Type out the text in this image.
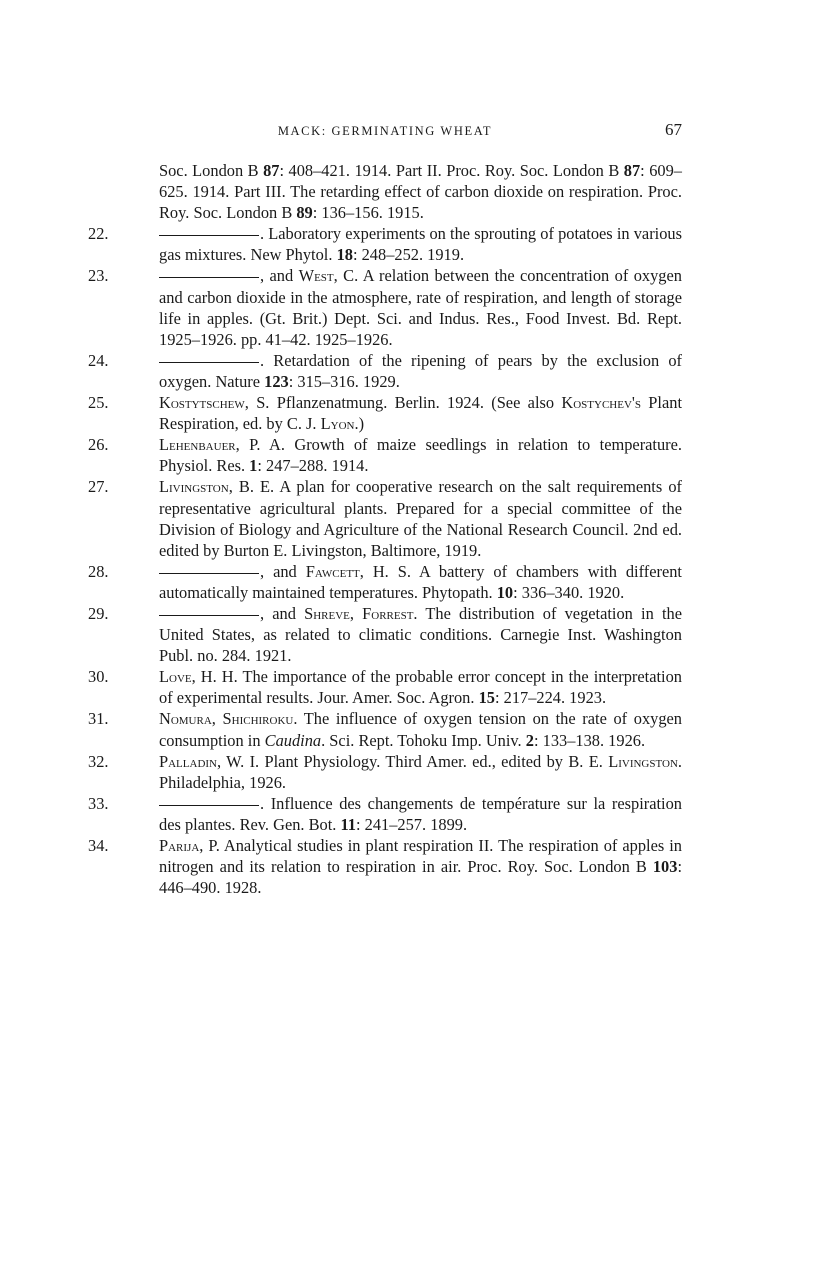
MACK: GERMINATING WHEAT	67
Soc. London B 87: 408–421. 1914. Part II. Proc. Roy. Soc. London B 87: 609–625. 1914. Part III. The retarding effect of carbon dioxide on respiration. Proc. Roy. Soc. London B 89: 136–156. 1915.
22.	. Laboratory experiments on the sprouting of potatoes in various gas mixtures. New Phytol. 18: 248–252. 1919.
23.	, and West, C. A relation between the concentration of oxygen and carbon dioxide in the atmosphere, rate of respiration, and length of storage life in apples. (Gt. Brit.) Dept. Sci. and Indus. Res., Food Invest. Bd. Rept. 1925–1926. pp. 41–42. 1925–1926.
24.	. Retardation of the ripening of pears by the exclusion of oxygen. Nature 123: 315–316. 1929.
25.	Kostytschew, S. Pflanzenatmung. Berlin. 1924. (See also Kostychev's Plant Respiration, ed. by C. J. Lyon.)
26.	Lehenbauer, P. A. Growth of maize seedlings in relation to temperature. Physiol. Res. 1: 247–288. 1914.
27.	Livingston, B. E. A plan for cooperative research on the salt requirements of representative agricultural plants. Prepared for a special committee of the Division of Biology and Agriculture of the National Research Council. 2nd ed. edited by Burton E. Livingston, Baltimore, 1919.
28.	, and Fawcett, H. S. A battery of chambers with different automatically maintained temperatures. Phytopath. 10: 336–340. 1920.
29.	, and Shreve, Forrest. The distribution of vegetation in the United States, as related to climatic conditions. Carnegie Inst. Washington Publ. no. 284. 1921.
30.	Love, H. H. The importance of the probable error concept in the interpretation of experimental results. Jour. Amer. Soc. Agron. 15: 217–224. 1923.
31.	Nomura, Shichiroku. The influence of oxygen tension on the rate of oxygen consumption in Caudina. Sci. Rept. Tohoku Imp. Univ. 2: 133–138. 1926.
32.	Palladin, W. I. Plant Physiology. Third Amer. ed., edited by B. E. Livingston. Philadelphia, 1926.
33.	. Influence des changements de température sur la respiration des plantes. Rev. Gen. Bot. 11: 241–257. 1899.
34.	Parija, P. Analytical studies in plant respiration II. The respiration of apples in nitrogen and its relation to respiration in air. Proc. Roy. Soc. London B 103: 446–490. 1928.
